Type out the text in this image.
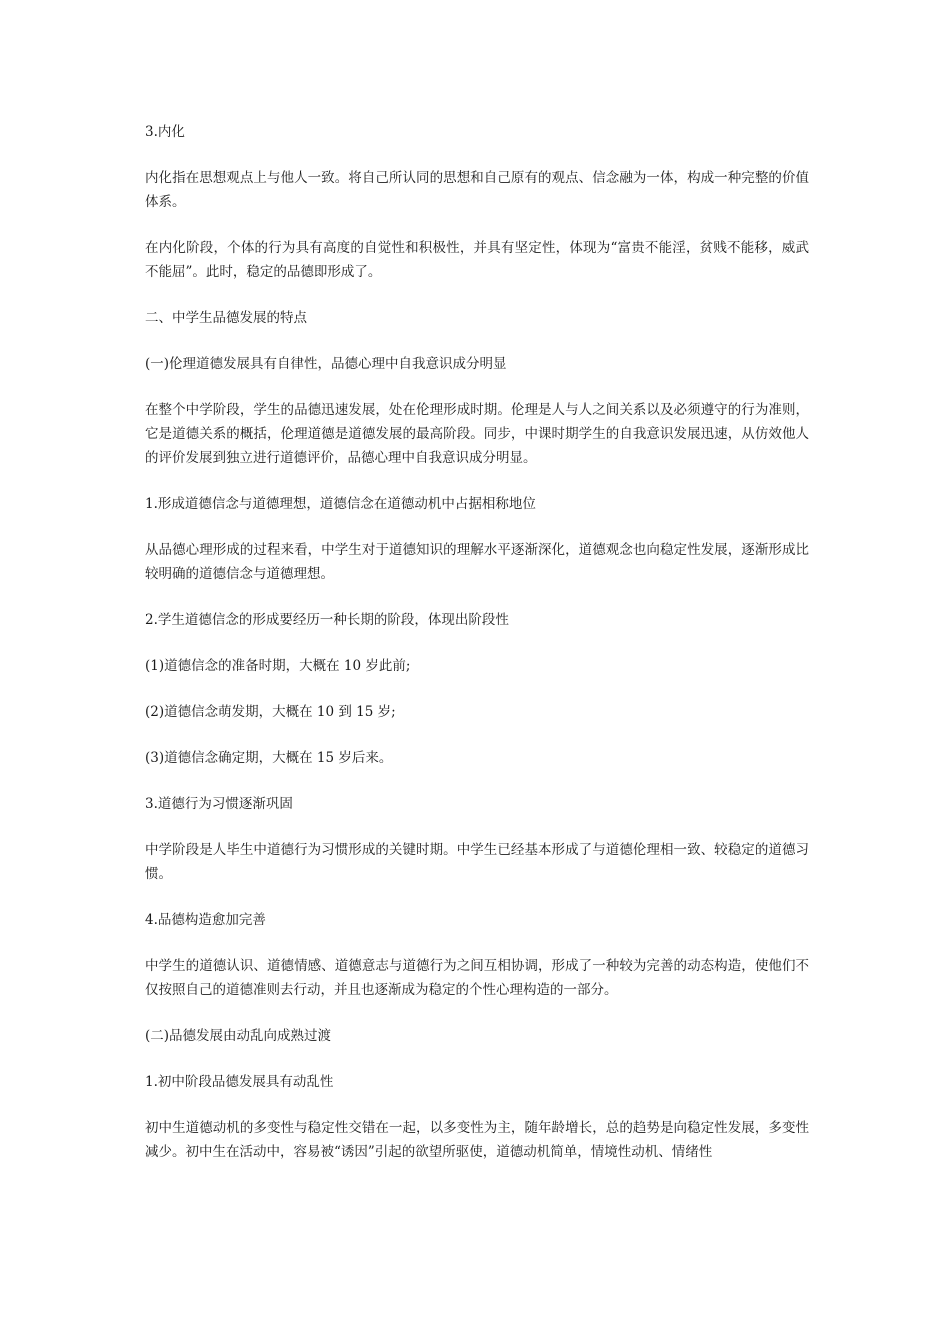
3.内化

内化指在思想观点上与他人一致。将自己所认同的思想和自己原有的观点、信念融为一体，构成一种完整的价值体系。

在内化阶段，个体的行为具有高度的自觉性和积极性，并具有坚定性，体现为“富贵不能淫，贫贱不能移，威武不能屈”。此时，稳定的品德即形成了。

二、中学生品德发展的特点

(一)伦理道德发展具有自律性，品德心理中自我意识成分明显

在整个中学阶段，学生的品德迅速发展，处在伦理形成时期。伦理是人与人之间关系以及必须遵守的行为准则，它是道德关系的概括，伦理道德是道德发展的最高阶段。同步，中课时期学生的自我意识发展迅速，从仿效他人的评价发展到独立进行道德评价，品德心理中自我意识成分明显。

1.形成道德信念与道德理想，道德信念在道德动机中占据相称地位

从品德心理形成的过程来看，中学生对于道德知识的理解水平逐渐深化，道德观念也向稳定性发展，逐渐形成比较明确的道德信念与道德理想。

2.学生道德信念的形成要经历一种长期的阶段，体现出阶段性

(1)道德信念的准备时期，大概在 10 岁此前;

(2)道德信念萌发期，大概在 10 到 15 岁;

(3)道德信念确定期，大概在 15 岁后来。

3.道德行为习惯逐渐巩固

中学阶段是人毕生中道德行为习惯形成的关键时期。中学生已经基本形成了与道德伦理相一致、较稳定的道德习惯。

4.品德构造愈加完善

中学生的道德认识、道德情感、道德意志与道德行为之间互相协调，形成了一种较为完善的动态构造，使他们不仅按照自己的道德准则去行动，并且也逐渐成为稳定的个性心理构造的一部分。

(二)品德发展由动乱向成熟过渡

1.初中阶段品德发展具有动乱性

初中生道德动机的多变性与稳定性交错在一起，以多变性为主，随年龄增长，总的趋势是向稳定性发展，多变性减少。初中生在活动中，容易被“诱因”引起的欲望所驱使，道德动机简单，情境性动机、情绪性
